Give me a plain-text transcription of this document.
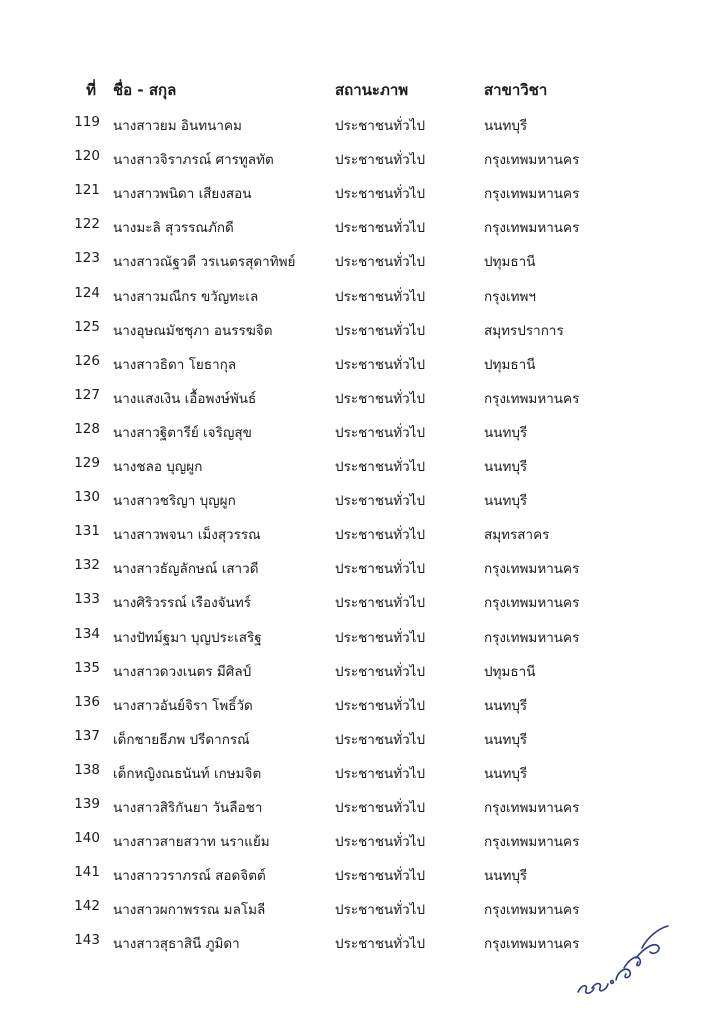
ที่ ชื่อ - สกุล	สถานะภาพ	สาขาวิชา
119 นางสาวยม อินทนาคม	ประชาชนทั่วไป	นนทบุรี
120 นางสาวจิราภรณ์ ศารทูลทัต	ประชาชนทั่วไป	กรุงเทพมหานคร
121 นางสาวพนิดา เสียงสอน	ประชาชนทั่วไป	กรุงเทพมหานคร
122 นางมะลิ สุวรรณภักดี	ประชาชนทั่วไป	กรุงเทพมหานคร
123 นางสาวณัฐวดี วรเนตรสุดาทิพย์	ประชาชนทั่วไป	ปทุมธานี
124 นางสาวมณีกร ขวัญทะเล	ประชาชนทั่วไป	กรุงเทพฯ
125 นางอุษณมัชชุภา อนรรฆจิต	ประชาชนทั่วไป	สมุทรปราการ
126 นางสาวธิดา โยธากุล	ประชาชนทั่วไป	ปทุมธานี
127 นางแสงเงิน เอื้อพงษ์พันธ์	ประชาชนทั่วไป	กรุงเทพมหานคร
128 นางสาวฐิตารีย์ เจริญสุข	ประชาชนทั่วไป	นนทบุรี
129 นางชลอ บุญผูก	ประชาชนทั่วไป	นนทบุรี
130 นางสาวชริญา บุญผูก	ประชาชนทั่วไป	นนทบุรี
131 นางสาวพจนา เม็งสุวรรณ	ประชาชนทั่วไป	สมุทรสาคร
132 นางสาวธัญลักษณ์ เสาวดี	ประชาชนทั่วไป	กรุงเทพมหานคร
133 นางศิริวรรณ์ เรืองจันทร์	ประชาชนทั่วไป	กรุงเทพมหานคร
134 นางปัทม์ฐมา บุญประเสริฐ	ประชาชนทั่วไป	กรุงเทพมหานคร
135 นางสาวดวงเนตร มีศิลป์	ประชาชนทั่วไป	ปทุมธานี
136 นางสาวอันย์จิรา โพธิ์วัด	ประชาชนทั่วไป	นนทบุรี
137 เด็กชายธีภพ ปรีดากรณ์	ประชาชนทั่วไป	นนทบุรี
138 เด็กหญิงณธนันท์ เกษมจิต	ประชาชนทั่วไป	นนทบุรี
139 นางสาวสิริกันยา วันลือชา	ประชาชนทั่วไป	กรุงเทพมหานคร
140 นางสาวสายสวาท นราแย้ม	ประชาชนทั่วไป	กรุงเทพมหานคร
141 นางสาววราภรณ์ สอดจิตต์	ประชาชนทั่วไป	นนทบุรี
142 นางสาวผกาพรรณ มลโมลี	ประชาชนทั่วไป	กรุงเทพมหานคร
143 นางสาวสุธาสินี ภูมิดา	ประชาชนทั่วไป	กรุงเทพมหานคร
